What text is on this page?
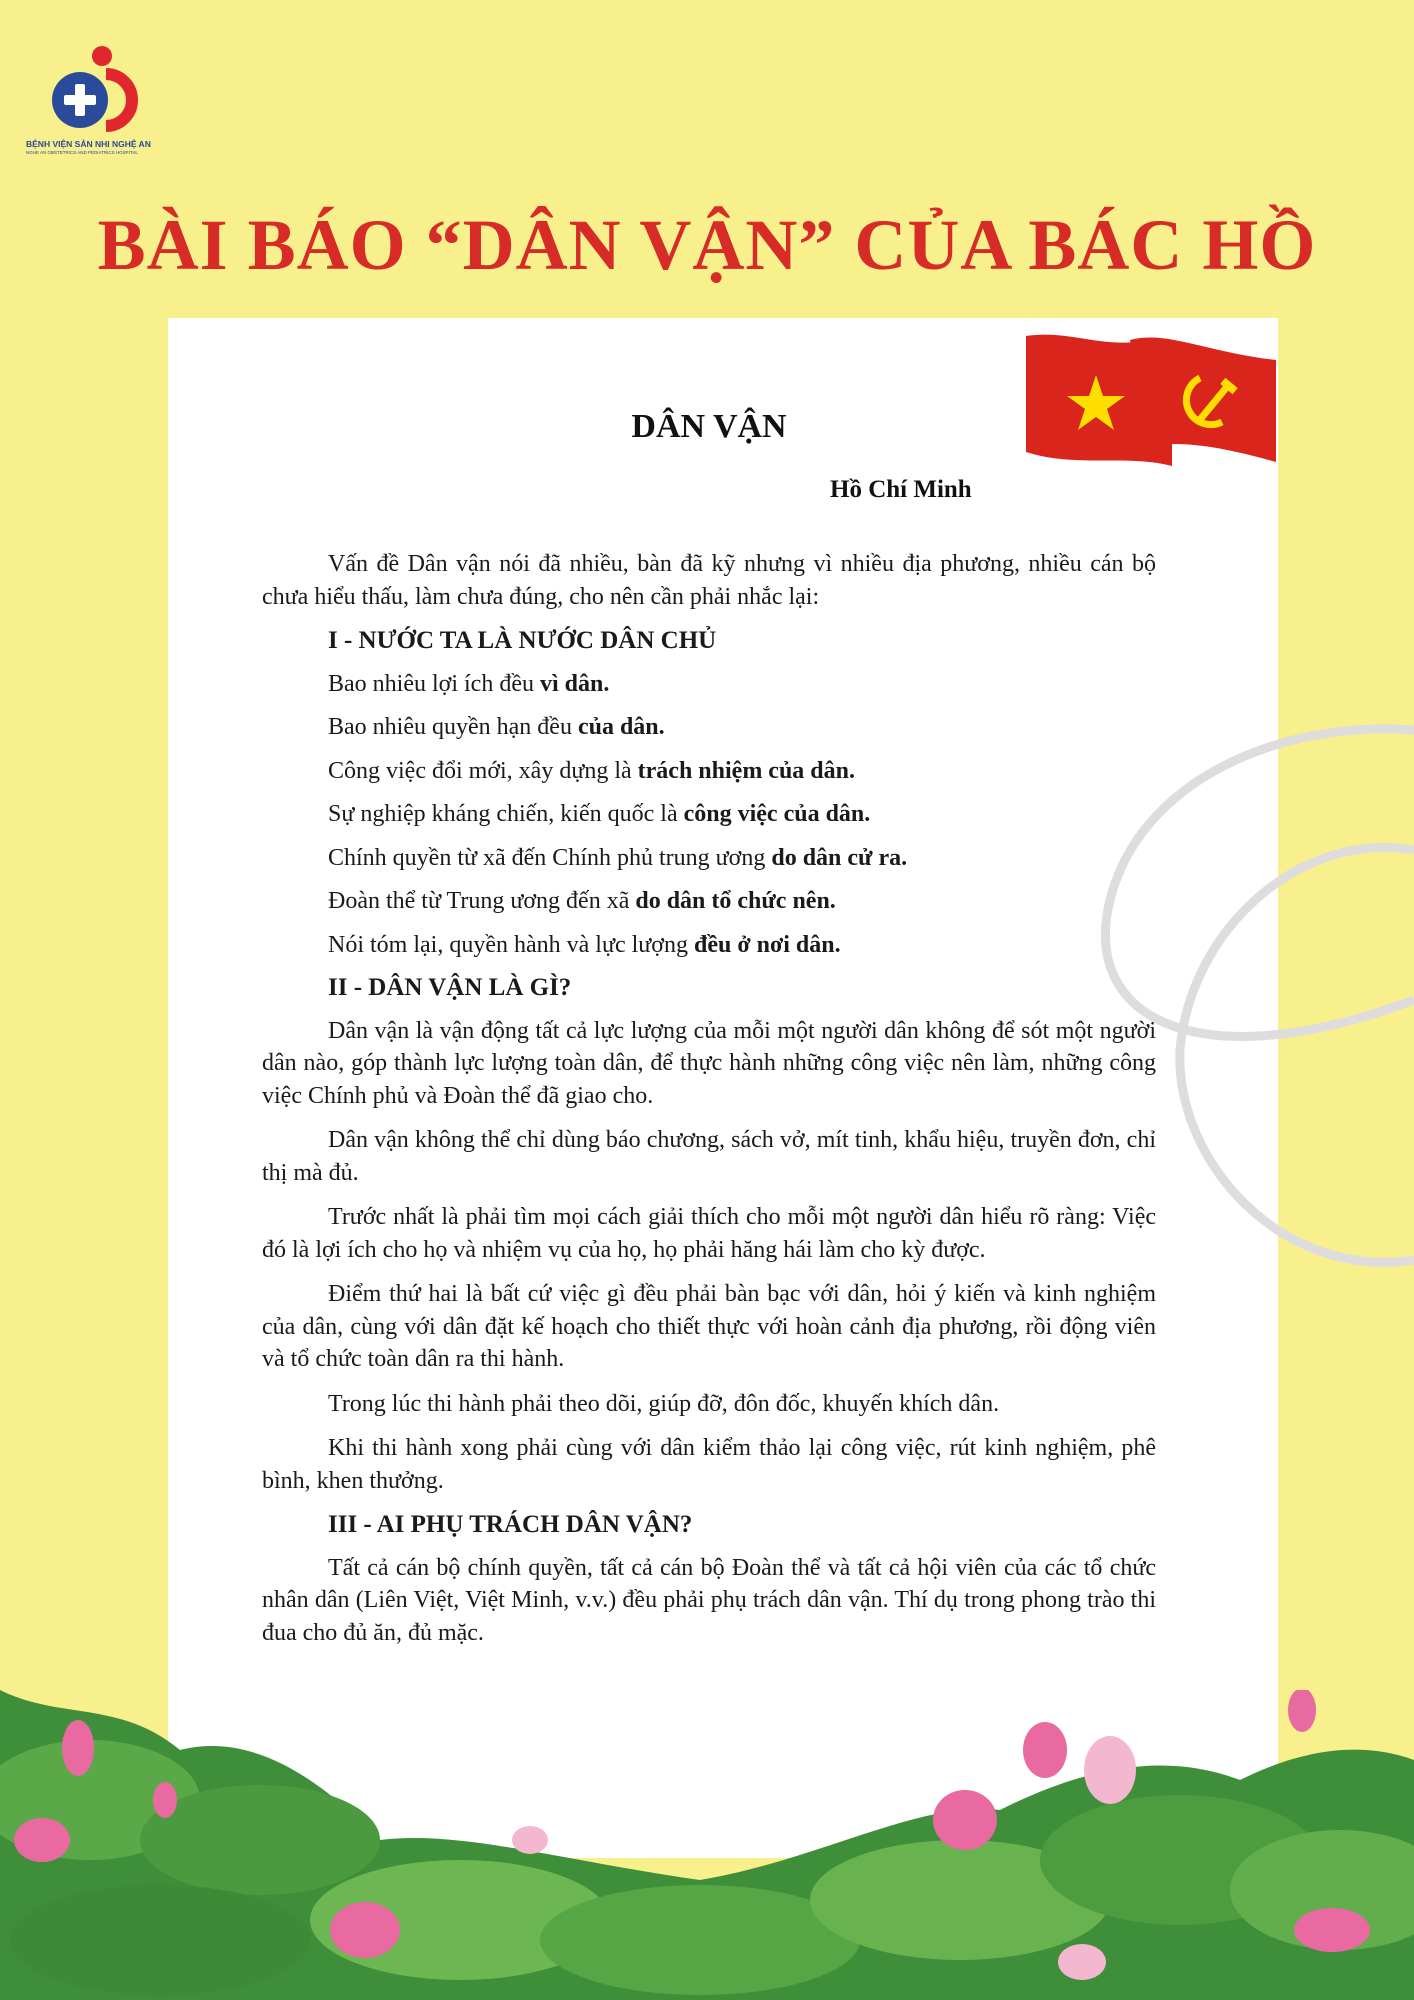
BỆNH VIỆN SẢN NHI NGHỆ AN
NGHE AN OBSTETRICS AND PEDIATRICS HOSPITAL
BÀI BÁO “DÂN VẬN” CỦA BÁC HỒ
DÂN VẬN
Hồ Chí Minh

Vấn đề Dân vận nói đã nhiều, bàn đã kỹ nhưng vì nhiều địa phương, nhiều cán bộ chưa hiểu thấu, làm chưa đúng, cho nên cần phải nhắc lại:

I - NƯỚC TA LÀ NƯỚC DÂN CHỦ

Bao nhiêu lợi ích đều vì dân.

Bao nhiêu quyền hạn đều của dân.

Công việc đổi mới, xây dựng là trách nhiệm của dân.

Sự nghiệp kháng chiến, kiến quốc là công việc của dân.

Chính quyền từ xã đến Chính phủ trung ương do dân cử ra.

Đoàn thể từ Trung ương đến xã do dân tổ chức nên.

Nói tóm lại, quyền hành và lực lượng đều ở nơi dân.

II - DÂN VẬN LÀ GÌ?

Dân vận là vận động tất cả lực lượng của mỗi một người dân không để sót một người dân nào, góp thành lực lượng toàn dân, để thực hành những công việc nên làm, những công việc Chính phủ và Đoàn thể đã giao cho.

Dân vận không thể chỉ dùng báo chương, sách vở, mít tinh, khẩu hiệu, truyền đơn, chỉ thị mà đủ.

Trước nhất là phải tìm mọi cách giải thích cho mỗi một người dân hiểu rõ ràng: Việc đó là lợi ích cho họ và nhiệm vụ của họ, họ phải hăng hái làm cho kỳ được.

Điểm thứ hai là bất cứ việc gì đều phải bàn bạc với dân, hỏi ý kiến và kinh nghiệm của dân, cùng với dân đặt kế hoạch cho thiết thực với hoàn cảnh địa phương, rồi động viên và tổ chức toàn dân ra thi hành.

Trong lúc thi hành phải theo dõi, giúp đỡ, đôn đốc, khuyến khích dân.

Khi thi hành xong phải cùng với dân kiểm thảo lại công việc, rút kinh nghiệm, phê bình, khen thưởng.

III - AI PHỤ TRÁCH DÂN VẬN?

Tất cả cán bộ chính quyền, tất cả cán bộ Đoàn thể và tất cả hội viên của các tổ chức nhân dân (Liên Việt, Việt Minh, v.v.) đều phải phụ trách dân vận. Thí dụ trong phong trào thi đua cho đủ ăn, đủ mặc.
